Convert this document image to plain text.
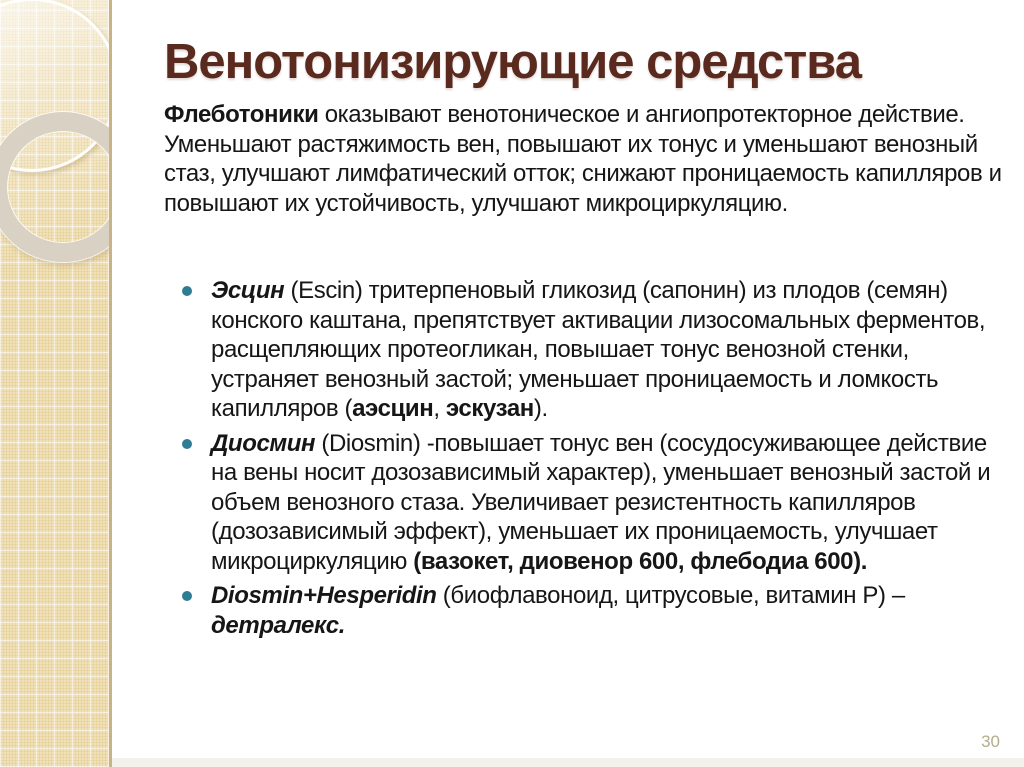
Венотонизирующие средства

Флеботоники оказывают венотоническое и ангиопротекторное действие. Уменьшают растяжимость вен, повышают их тонус и уменьшают венозный стаз, улучшают лимфатический отток; снижают проницаемость капилляров и повышают их устойчивость, улучшают микроциркуляцию.

Эсцин (Escin) тритерпеновый гликозид (сапонин) из плодов (семян) конского каштана, препятствует активации лизосомальных ферментов, расщепляющих протеогликан, повышает тонус венозной стенки, устраняет венозный застой; уменьшает проницаемость и ломкость капилляров (аэсцин, эскузан).
Диосмин (Diosmin) -повышает тонус вен (сосудосуживающее действие на вены носит дозозависимый характер), уменьшает венозный застой и объем венозного стаза. Увеличивает резистентность капилляров (дозозависимый эффект), уменьшает их проницаемость, улучшает микроциркуляцию (вазокет, диовенор 600, флебодиа 600).
Diosmin+Hesperidin (биофлавоноид, цитрусовые, витамин Р) – детралекс.
30
